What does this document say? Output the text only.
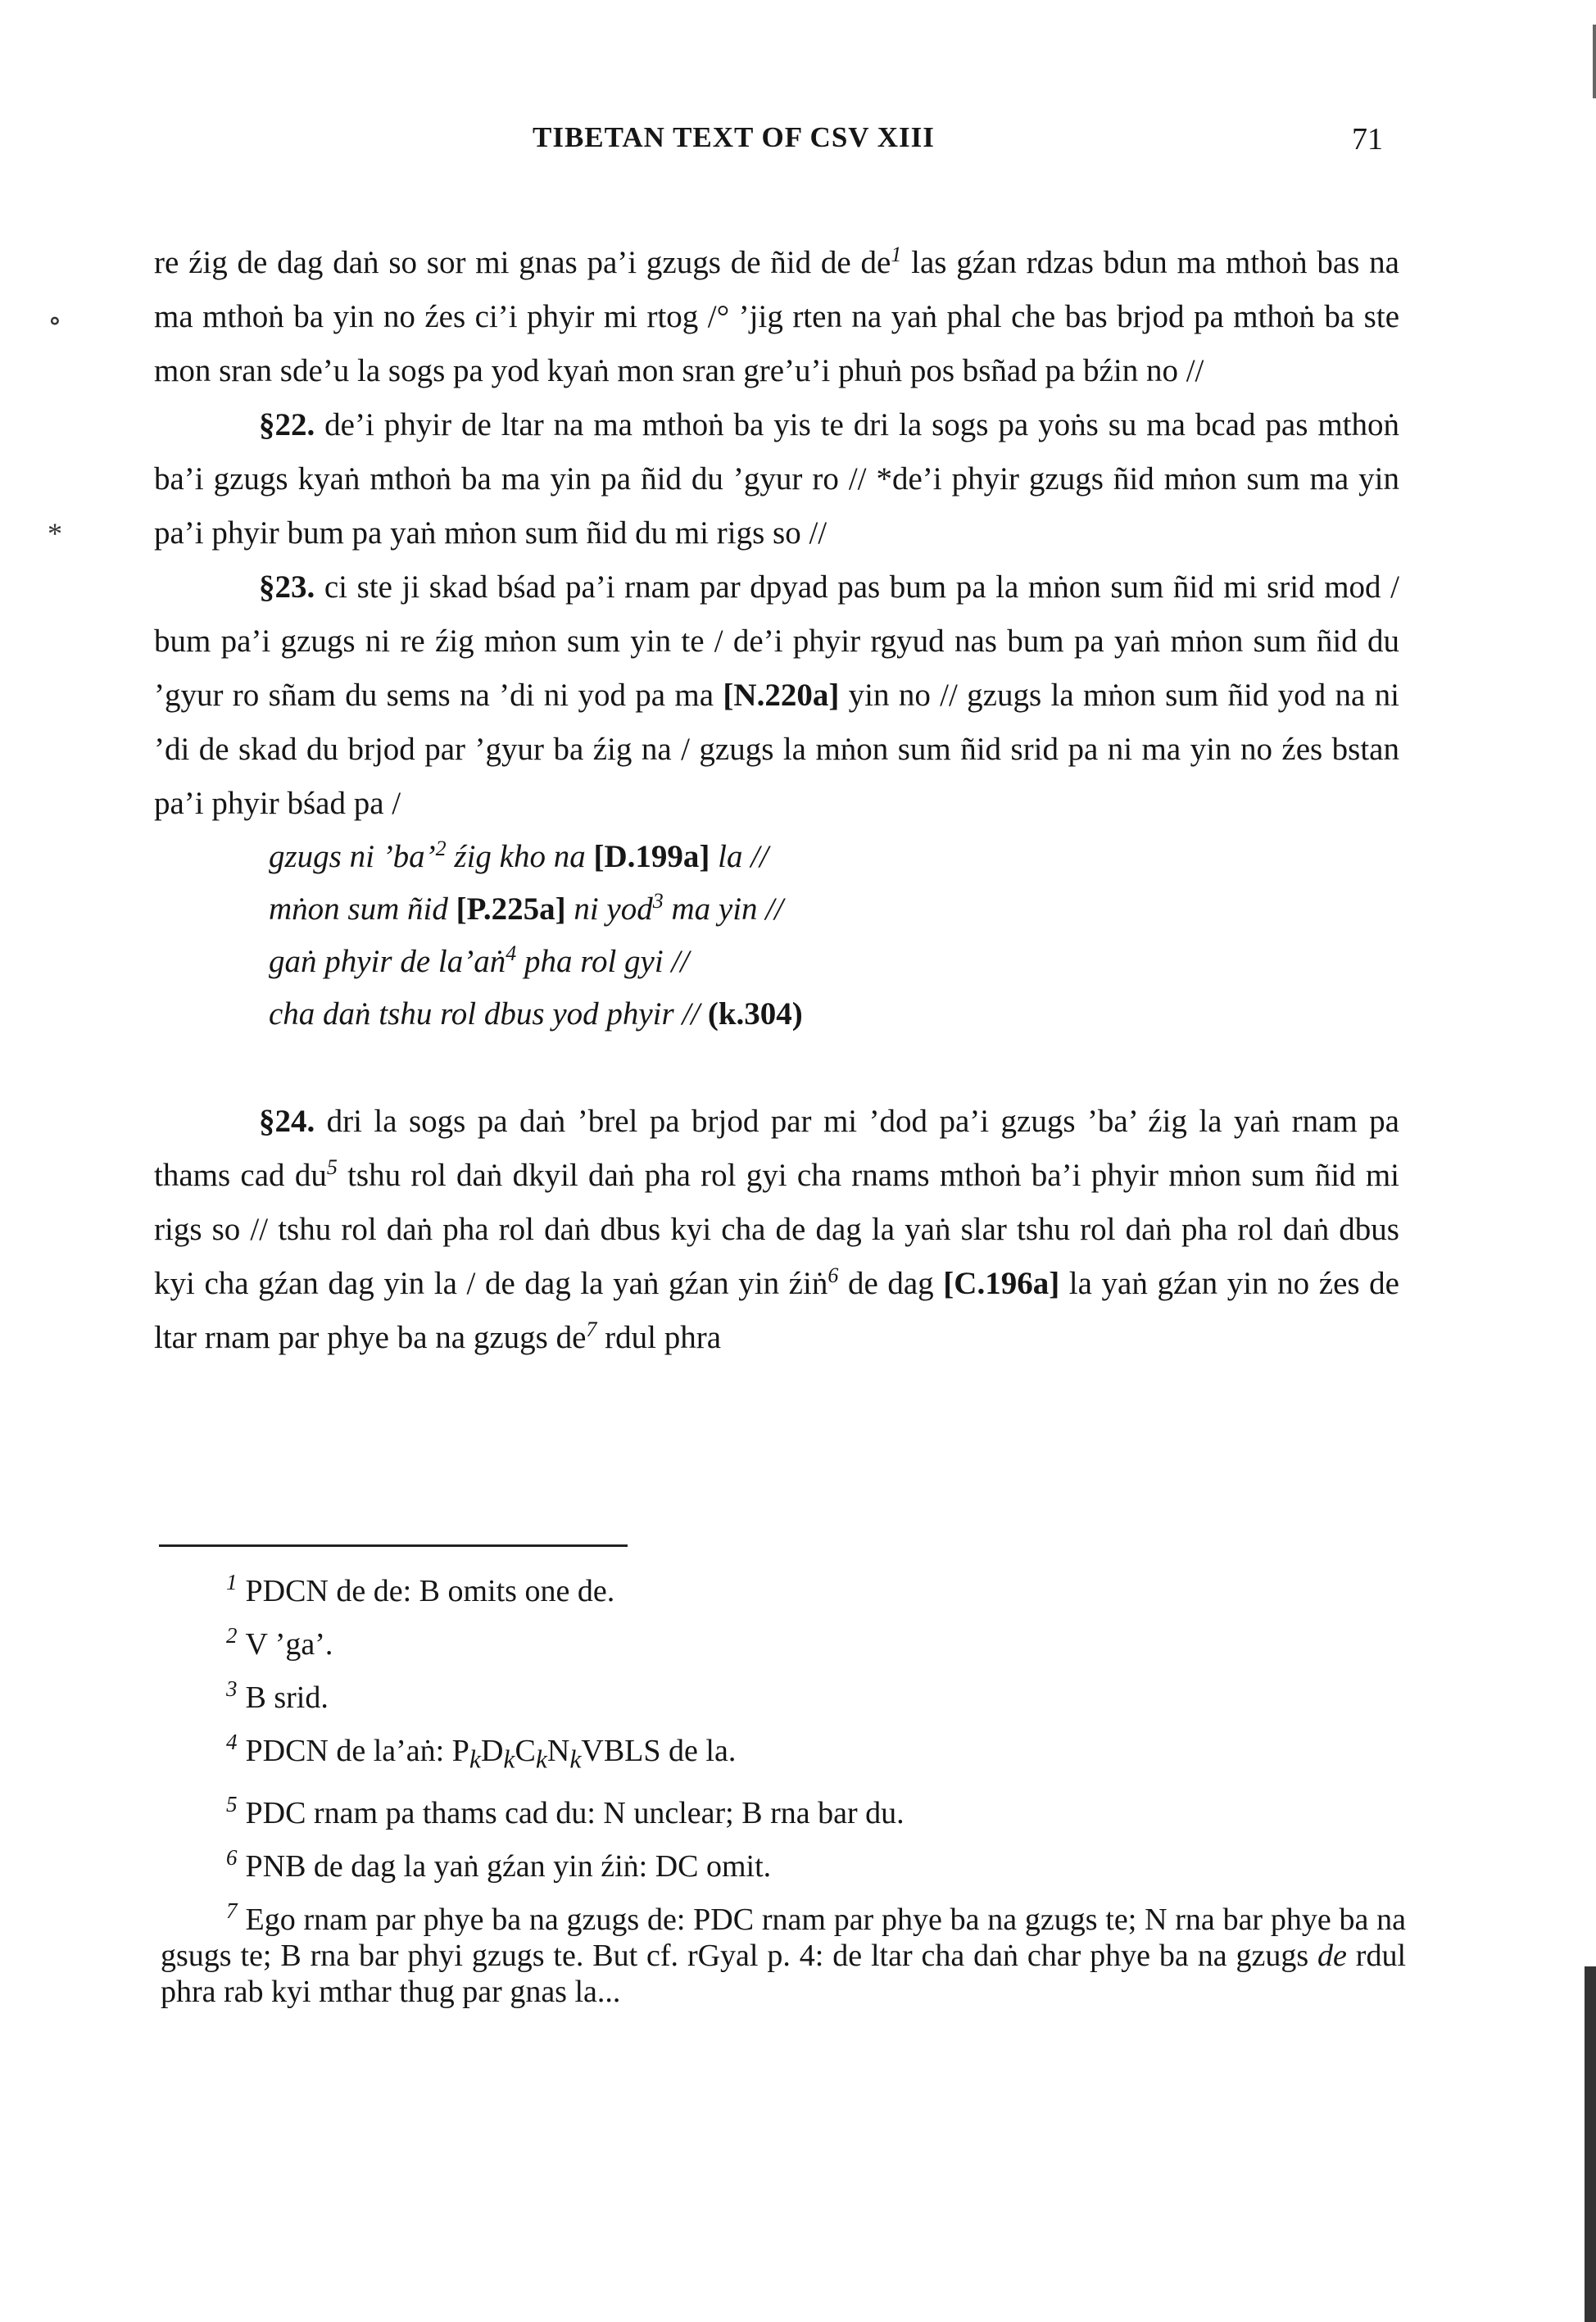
TIBETAN TEXT OF CSV XIII	71
∘
*

re źig de dag daṅ so sor mi gnas pa’i gzugs de ñid de $de^1$ las gźan rdzas bdun ma mthoṅ bas na ma mthoṅ ba yin no źes ci’i phyir mi rtog /° ’jig rten na yaṅ phal che bas brjod pa mthoṅ ba ste mon sran sde’u la sogs pa yod kyaṅ mon sran gre’u’i phuṅ pos bsñad pa bźin no //

§22. de’i phyir de ltar na ma mthoṅ ba yis te dri la sogs pa yoṅs su ma bcad pas mthoṅ ba’i gzugs kyaṅ mthoṅ ba ma yin pa ñid du ’gyur ro // *de’i phyir gzugs ñid mṅon sum ma yin pa’i phyir bum pa yaṅ mṅon sum ñid du mi rigs so //

§23. ci ste ji skad bśad pa’i rnam par dpyad pas bum pa la mṅon sum ñid mi srid mod / bum pa’i gzugs ni re źig mṅon sum yin te / de’i phyir rgyud nas bum pa yaṅ mṅon sum ñid du ’gyur ro sñam du sems na ’di ni yod pa ma [N.220a] yin no // gzugs la mṅon sum ñid yod na ni ’di de skad du brjod par ’gyur ba źig na / gzugs la mṅon sum ñid srid pa ni ma yin no źes bstan pa’i phyir bśad pa /

gzugs ni ’ba’$^2$ źig kho na [D.199a] la //
mṅon sum ñid [P.225a] ni yod$^3$ ma yin //
gaṅ phyir de la’aṅ$^4$ pha rol gyi //
cha daṅ tshu rol dbus yod phyir // (k.304)

§24. dri la sogs pa daṅ ’brel pa brjod par mi ’dod pa’i gzugs ’ba’ źig la yaṅ rnam pa thams cad $du^5$ tshu rol daṅ dkyil daṅ pha rol gyi cha rnams mthoṅ ba’i phyir mṅon sum ñid mi rigs so // tshu rol daṅ pha rol daṅ dbus kyi cha de dag la yaṅ slar tshu rol daṅ pha rol daṅ dbus kyi cha gźan dag yin la / de dag la yaṅ gźan yin źiṅ$^6$ de dag [C.196a] la yaṅ gźan yin no źes de ltar rnam par phye ba na gzugs $de^7$ rdul phra

$^1$ PDCN de de: B omits one de.
$^2$ V ’ga’.
$^3$ B srid.
$^4$ PDCN de la’aṅ: $P_kD_kC_kN_kVBLS$ de la.
$^5$ PDC rnam pa thams cad du: N unclear; B rna bar du.
$^6$ PNB de dag la yaṅ gźan yin źiṅ: DC omit.
$^7$ Ego rnam par phye ba na gzugs de: PDC rnam par phye ba na gzugs te; N rna bar phye ba na gsugs te; B rna bar phyi gzugs te. But cf. rGyal p. 4: de ltar cha daṅ char phye ba na gzugs de rdul phra rab kyi mthar thug par gnas la...
